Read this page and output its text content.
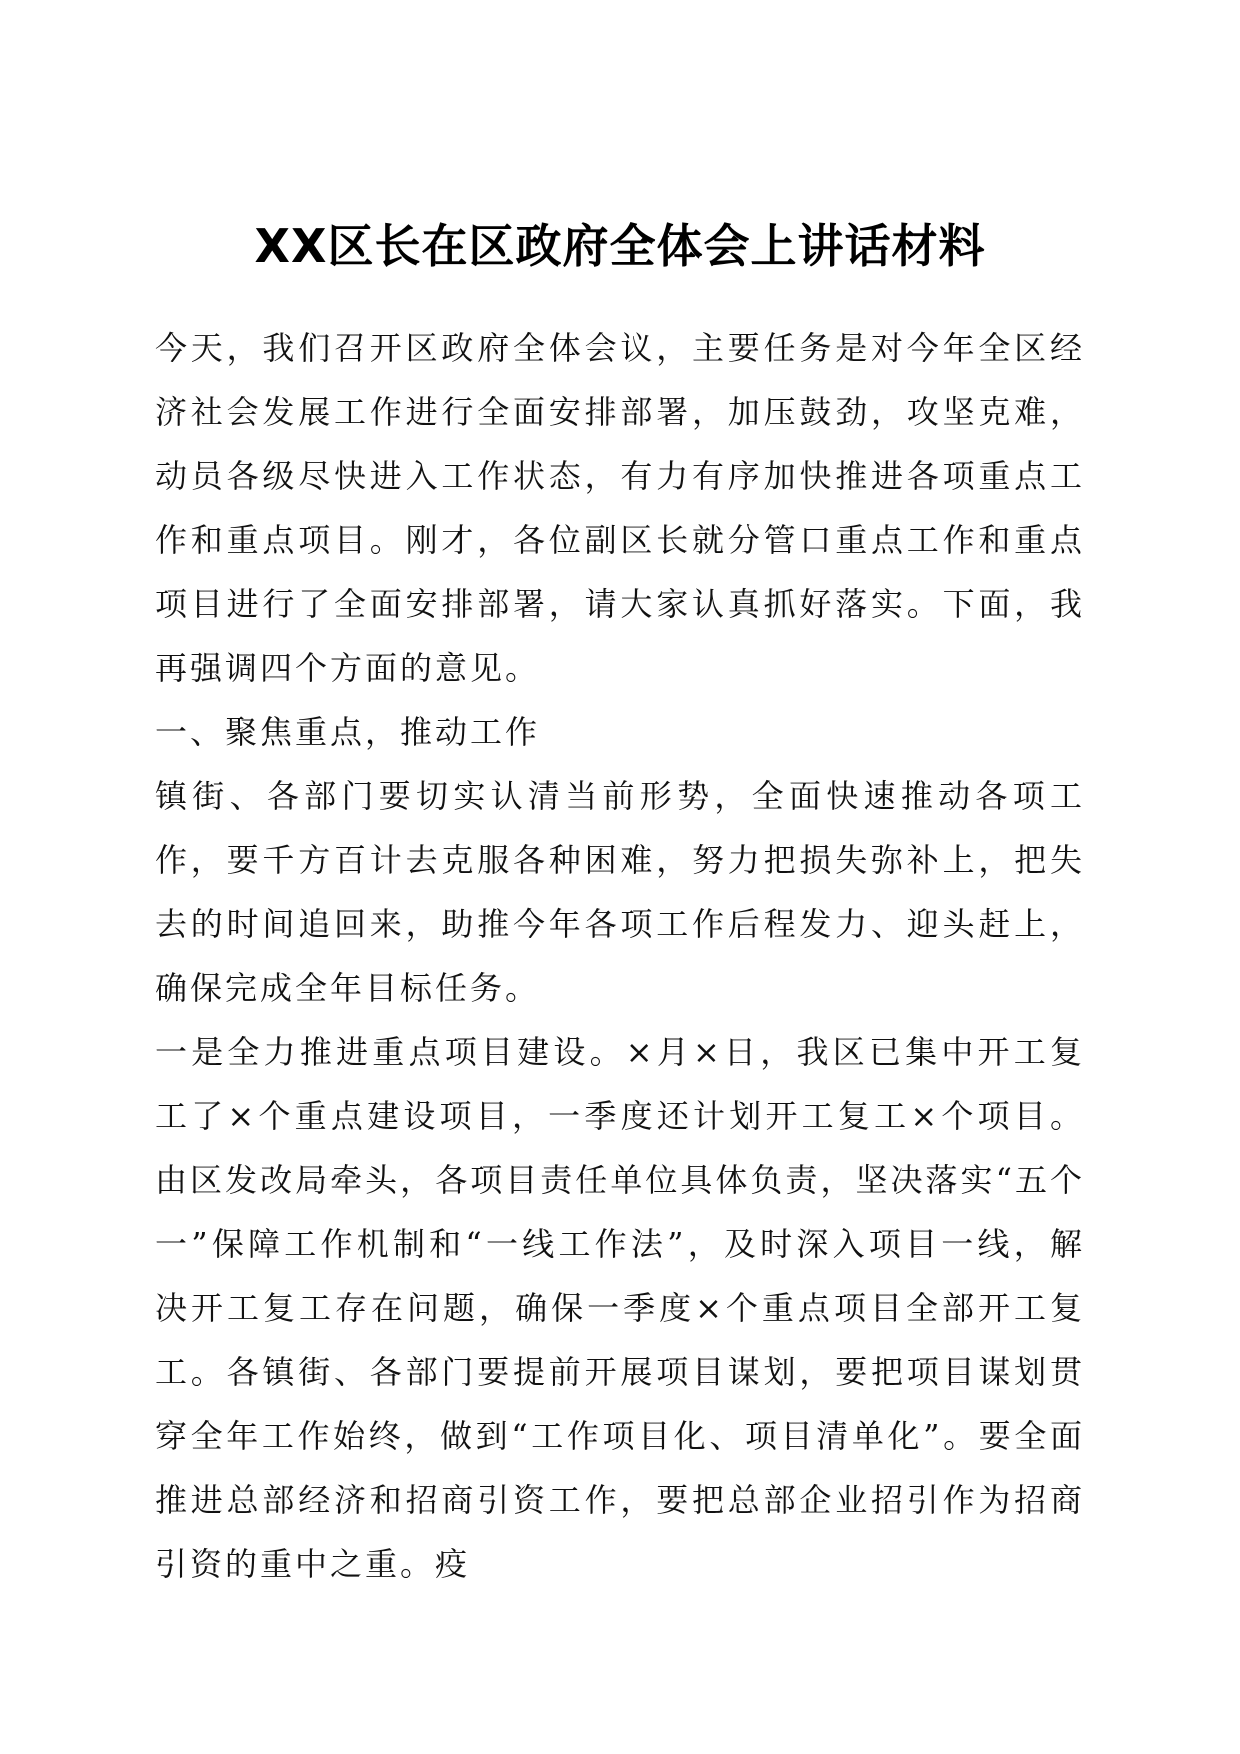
XX区长在区政府全体会上讲话材料

今天，我们召开区政府全体会议，主要任务是对今年全区经济社会发展工作进行全面安排部署，加压鼓劲，攻坚克难，动员各级尽快进入工作状态，有力有序加快推进各项重点工作和重点项目。刚才，各位副区长就分管口重点工作和重点项目进行了全面安排部署，请大家认真抓好落实。下面，我再强调四个方面的意见。

一、聚焦重点，推动工作

镇街、各部门要切实认清当前形势，全面快速推动各项工作，要千方百计去克服各种困难，努力把损失弥补上，把失去的时间追回来，助推今年各项工作后程发力、迎头赶上，确保完成全年目标任务。

一是全力推进重点项目建设。×月×日，我区已集中开工复工了×个重点建设项目，一季度还计划开工复工×个项目。由区发改局牵头，各项目责任单位具体负责，坚决落实“五个一”保障工作机制和“一线工作法”，及时深入项目一线，解决开工复工存在问题，确保一季度×个重点项目全部开工复工。各镇街、各部门要提前开展项目谋划，要把项目谋划贯穿全年工作始终，做到“工作项目化、项目清单化”。要全面推进总部经济和招商引资工作，要把总部企业招引作为招商引资的重中之重。疫
